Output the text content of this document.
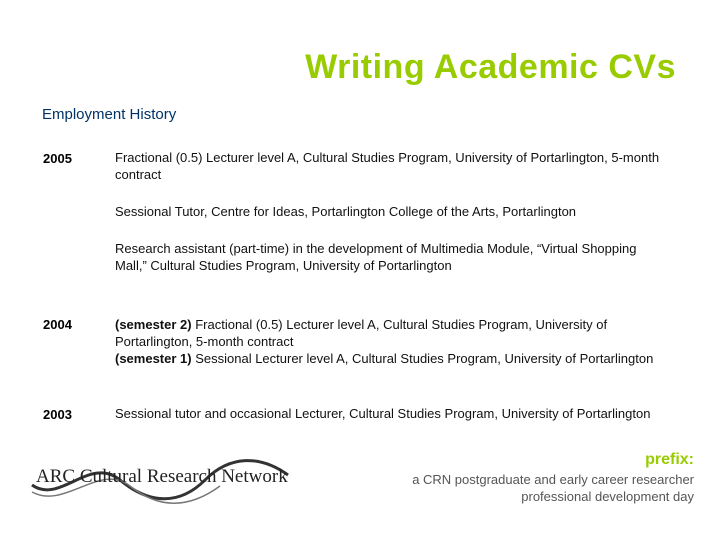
Writing Academic CVs
Employment History
2005	Fractional (0.5) Lecturer level A, Cultural Studies Program, University of Portarlington, 5-month contract
Sessional Tutor, Centre for Ideas, Portarlington College of the Arts, Portarlington
Research assistant (part-time) in the development of Multimedia Module, “Virtual Shopping Mall,” Cultural Studies Program, University of Portarlington
2004	(semester 2) Fractional (0.5) Lecturer level A, Cultural Studies Program, University of Portarlington, 5-month contract
(semester 1) Sessional Lecturer level A, Cultural Studies Program, University of Portarlington
2003	Sessional tutor and occasional Lecturer, Cultural Studies Program, University of Portarlington
ARC Cultural Research Network
prefix:
a CRN postgraduate and early career researcher
professional development day
